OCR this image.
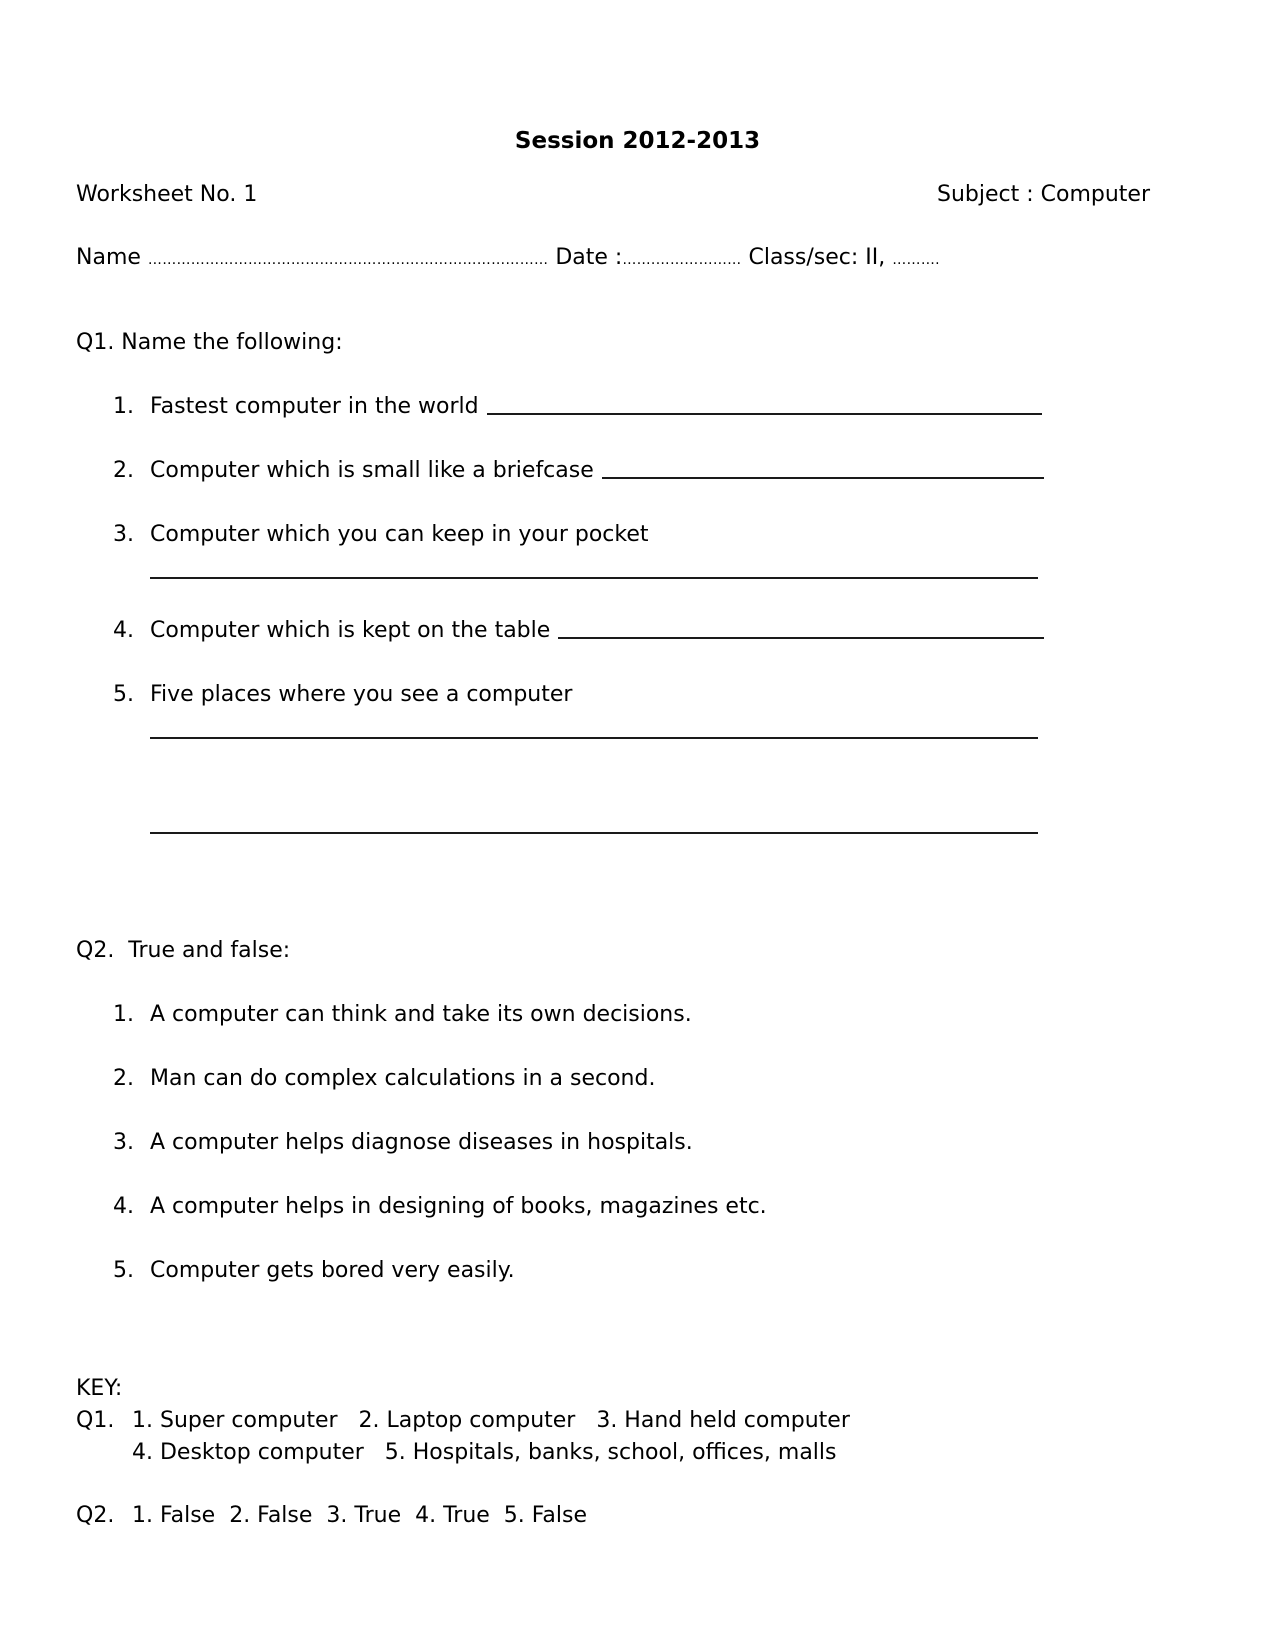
Session 2012-2013
Worksheet No. 1	Subject : Computer
Name ………………………………………………………………………… Date :…….……………… Class/sec: II, ……….
Q1. Name the following:
1. Fastest computer in the world
2. Computer which is small like a briefcase
3. Computer which you can keep in your pocket
4. Computer which is kept on the table
5. Five places where you see a computer
Q2.  True and false:
1. A computer can think and take its own decisions.
2. Man can do complex calculations in a second.
3. A computer helps diagnose diseases in hospitals.
4. A computer helps in designing of books, magazines etc.
5. Computer gets bored very easily.
KEY:
Q1. 1. Super computer   2. Laptop computer   3. Hand held computer
4. Desktop computer   5. Hospitals, banks, school, offices, malls
Q2. 1. False  2. False  3. True  4. True  5. False
